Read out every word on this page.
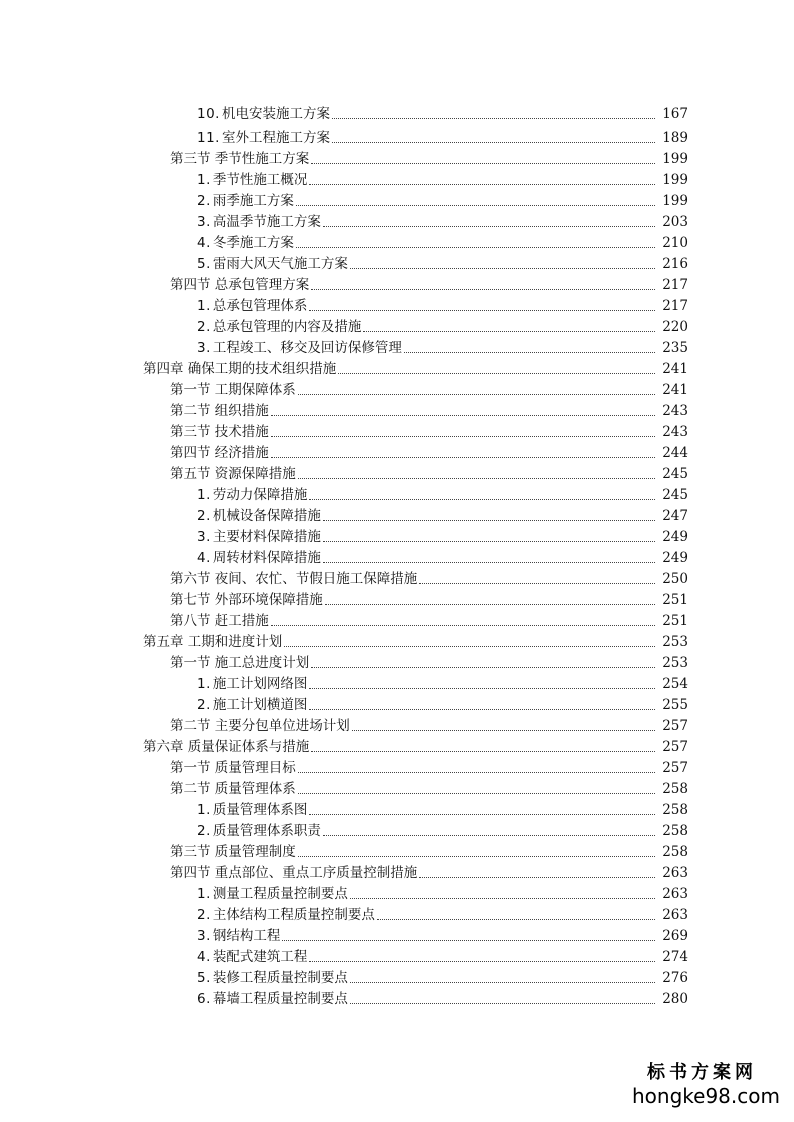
10. 机电安装施工方案	167
11. 室外工程施工方案	189
第三节 季节性施工方案	199
1. 季节性施工概况	199
2. 雨季施工方案	199
3. 高温季节施工方案	203
4. 冬季施工方案	210
5. 雷雨大风天气施工方案	216
第四节 总承包管理方案	217
1. 总承包管理体系	217
2. 总承包管理的内容及措施	220
3. 工程竣工、移交及回访保修管理	235
第四章 确保工期的技术组织措施	241
第一节 工期保障体系	241
第二节 组织措施	243
第三节 技术措施	243
第四节 经济措施	244
第五节 资源保障措施	245
1. 劳动力保障措施	245
2. 机械设备保障措施	247
3. 主要材料保障措施	249
4. 周转材料保障措施	249
第六节 夜间、农忙、节假日施工保障措施	250
第七节 外部环境保障措施	251
第八节 赶工措施	251
第五章 工期和进度计划	253
第一节 施工总进度计划	253
1. 施工计划网络图	254
2. 施工计划横道图	255
第二节 主要分包单位进场计划	257
第六章 质量保证体系与措施	257
第一节 质量管理目标	257
第二节 质量管理体系	258
1. 质量管理体系图	258
2. 质量管理体系职责	258
第三节 质量管理制度	258
第四节 重点部位、重点工序质量控制措施	263
1. 测量工程质量控制要点	263
2. 主体结构工程质量控制要点	263
3. 钢结构工程	269
4. 装配式建筑工程	274
5. 装修工程质量控制要点	276
6. 幕墙工程质量控制要点	280
标书方案网
hongke98.com
